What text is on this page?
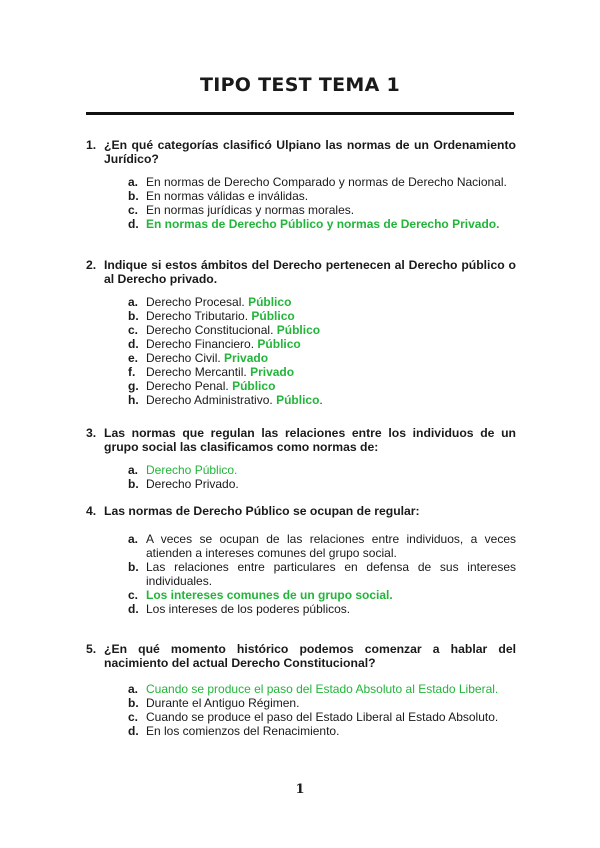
TIPO TEST TEMA 1
1. ¿En qué categorías clasificó Ulpiano las normas de un Ordenamiento Jurídico?
a. En normas de Derecho Comparado y normas de Derecho Nacional.
b. En normas válidas e inválidas.
c. En normas jurídicas y normas morales.
d. En normas de Derecho Público y normas de Derecho Privado.
2. Indique si estos ámbitos del Derecho pertenecen al Derecho público o al Derecho privado.
a. Derecho Procesal. Público
b. Derecho Tributario. Público
c. Derecho Constitucional. Público
d. Derecho Financiero. Público
e. Derecho Civil. Privado
f. Derecho Mercantil. Privado
g. Derecho Penal. Público
h. Derecho Administrativo. Público.
3. Las normas que regulan las relaciones entre los individuos de un grupo social las clasificamos como normas de:
a. Derecho Público.
b. Derecho Privado.
4. Las normas de Derecho Público se ocupan de regular:
a. A veces se ocupan de las relaciones entre individuos, a veces atienden a intereses comunes del grupo social.
b. Las relaciones entre particulares en defensa de sus intereses individuales.
c. Los intereses comunes de un grupo social.
d. Los intereses de los poderes públicos.
5. ¿En qué momento histórico podemos comenzar a hablar del nacimiento del actual Derecho Constitucional?
a. Cuando se produce el paso del Estado Absoluto al Estado Liberal.
b. Durante el Antiguo Régimen.
c. Cuando se produce el paso del Estado Liberal al Estado Absoluto.
d. En los comienzos del Renacimiento.
1
